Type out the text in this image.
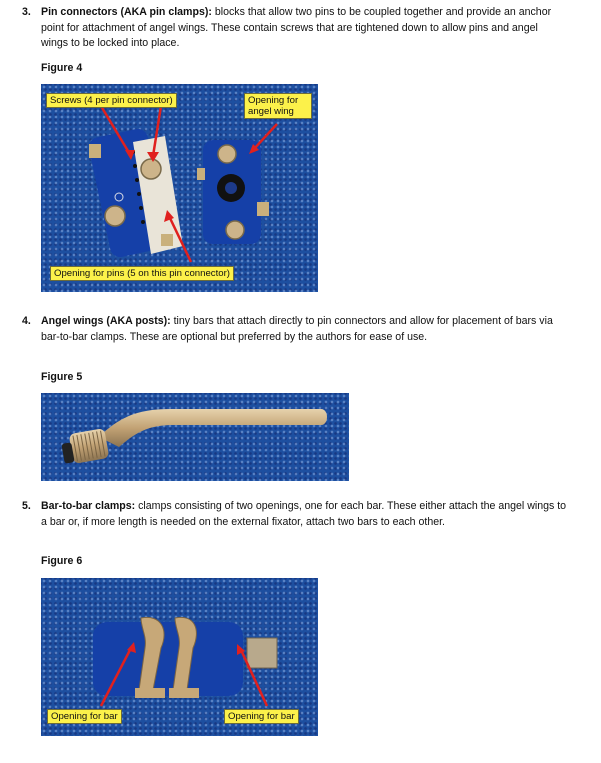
3. Pin connectors (AKA pin clamps): blocks that allow two pins to be coupled together and provide an anchor point for attachment of angel wings. These contain screws that are tightened down to allow pins and angel wings to be locked into place.
Figure 4
Screws (4 per pin connector)	Opening for angel wing
Opening for pins (5 on this pin connector)
4. Angel wings (AKA posts): tiny bars that attach directly to pin connectors and allow for placement of bars via bar-to-bar clamps. These are optional but preferred by the authors for ease of use.
Figure 5
5. Bar-to-bar clamps: clamps consisting of two openings, one for each bar. These either attach the angel wings to a bar or, if more length is needed on the external fixator, attach two bars to each other.
Figure 6
Opening for bar	Opening for bar
